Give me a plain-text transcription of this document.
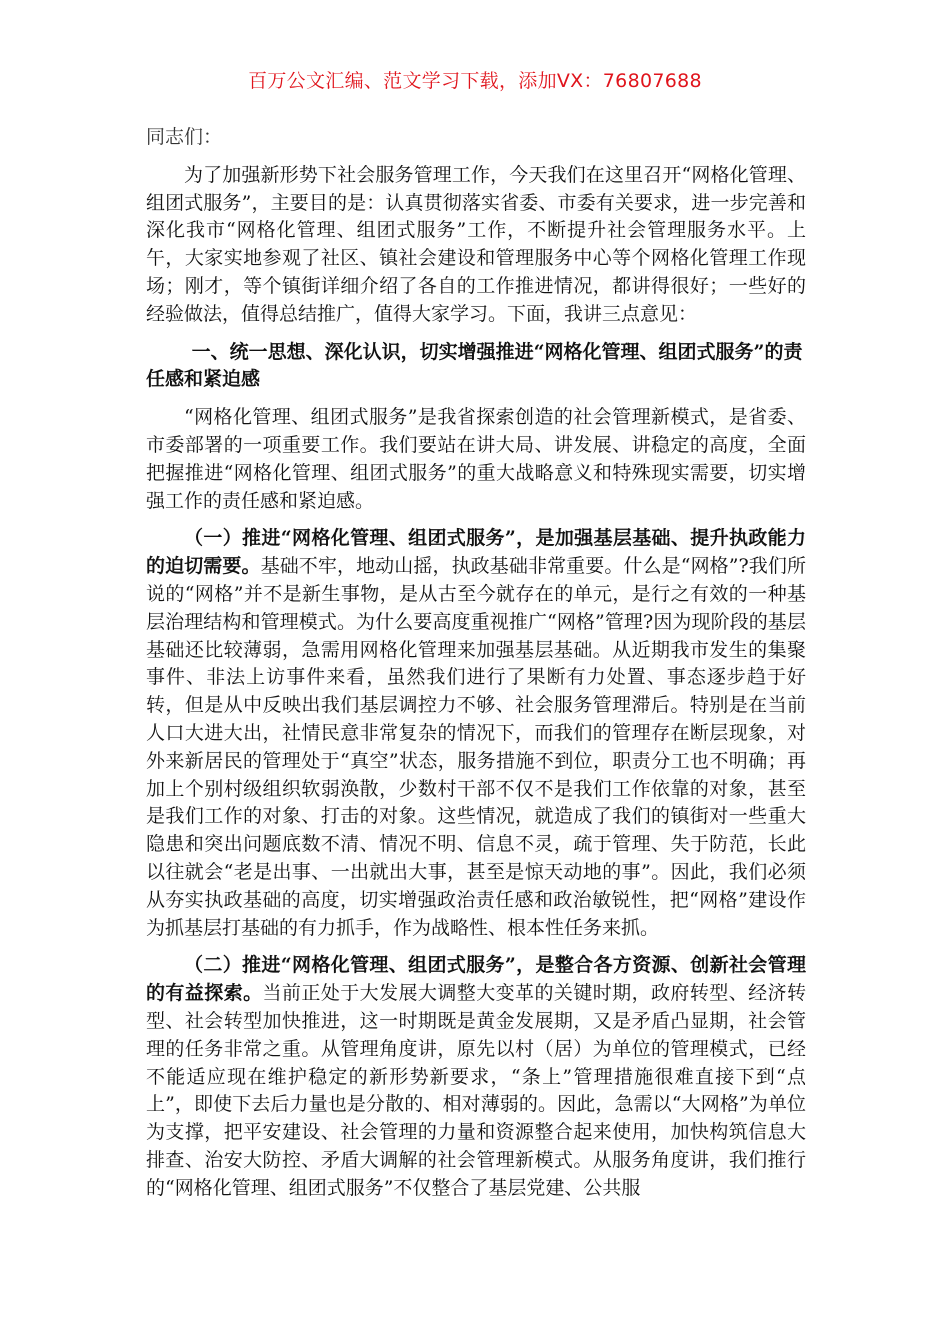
百万公文汇编、范文学习下载，添加VX：76807688
同志们：

为了加强新形势下社会服务管理工作，今天我们在这里召开“网格化管理、组团式服务”，主要目的是：认真贯彻落实省委、市委有关要求，进一步完善和深化我市“网格化管理、组团式服务”工作，不断提升社会管理服务水平。上午，大家实地参观了社区、镇社会建设和管理服务中心等个网格化管理工作现场；刚才，等个镇街详细介绍了各自的工作推进情况，都讲得很好；一些好的经验做法，值得总结推广，值得大家学习。下面，我讲三点意见：

一、统一思想、深化认识，切实增强推进“网格化管理、组团式服务”的责任感和紧迫感

“网格化管理、组团式服务”是我省探索创造的社会管理新模式，是省委、市委部署的一项重要工作。我们要站在讲大局、讲发展、讲稳定的高度，全面把握推进“网格化管理、组团式服务”的重大战略意义和特殊现实需要，切实增强工作的责任感和紧迫感。

（一）推进“网格化管理、组团式服务”，是加强基层基础、提升执政能力的迫切需要。基础不牢，地动山摇，执政基础非常重要。什么是“网格”?我们所说的“网格”并不是新生事物，是从古至今就存在的单元，是行之有效的一种基层治理结构和管理模式。为什么要高度重视推广“网格”管理?因为现阶段的基层基础还比较薄弱，急需用网格化管理来加强基层基础。从近期我市发生的集聚事件、非法上访事件来看，虽然我们进行了果断有力处置、事态逐步趋于好转，但是从中反映出我们基层调控力不够、社会服务管理滞后。特别是在当前人口大进大出，社情民意非常复杂的情况下，而我们的管理存在断层现象，对外来新居民的管理处于“真空”状态，服务措施不到位，职责分工也不明确；再加上个别村级组织软弱涣散，少数村干部不仅不是我们工作依靠的对象，甚至是我们工作的对象、打击的对象。这些情况，就造成了我们的镇街对一些重大隐患和突出问题底数不清、情况不明、信息不灵，疏于管理、失于防范，长此以往就会“老是出事、一出就出大事，甚至是惊天动地的事”。因此，我们必须从夯实执政基础的高度，切实增强政治责任感和政治敏锐性，把“网格”建设作为抓基层打基础的有力抓手，作为战略性、根本性任务来抓。

（二）推进“网格化管理、组团式服务”，是整合各方资源、创新社会管理的有益探索。当前正处于大发展大调整大变革的关键时期，政府转型、经济转型、社会转型加快推进，这一时期既是黄金发展期，又是矛盾凸显期，社会管理的任务非常之重。从管理角度讲，原先以村（居）为单位的管理模式，已经不能适应现在维护稳定的新形势新要求，“条上”管理措施很难直接下到“点上”，即使下去后力量也是分散的、相对薄弱的。因此，急需以“大网格”为单位为支撑，把平安建设、社会管理的力量和资源整合起来使用，加快构筑信息大排查、治安大防控、矛盾大调解的社会管理新模式。从服务角度讲，我们推行的“网格化管理、组团式服务”不仅整合了基层党建、公共服
